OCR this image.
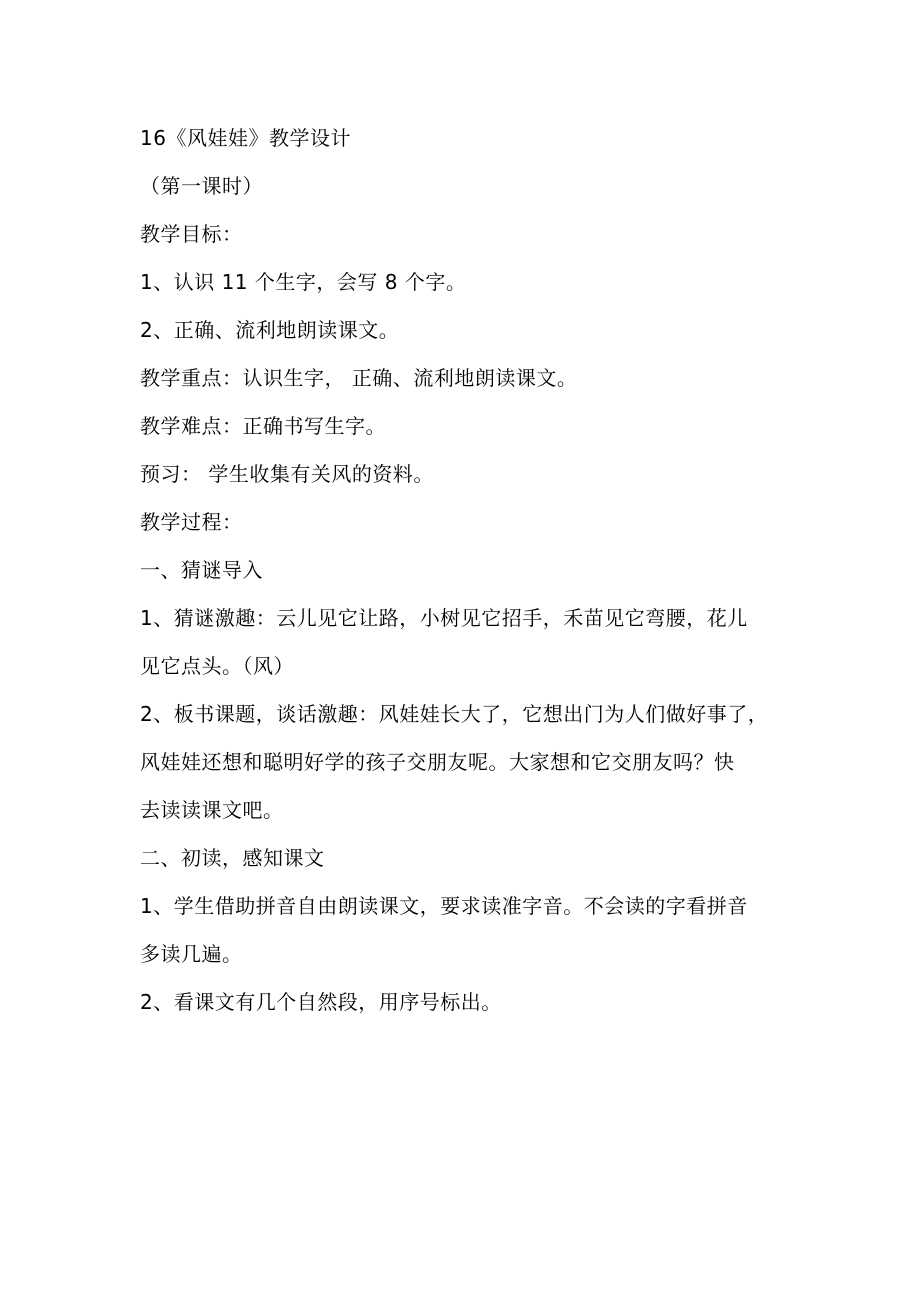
16《风娃娃》教学设计
（第一课时）
教学目标：
1、认识 11 个生字，会写 8 个字。
2、正确、流利地朗读课文。
教学重点：认识生字， 正确、流利地朗读课文。
教学难点：正确书写生字。
预习： 学生收集有关风的资料。
教学过程：
一、猜谜导入
1、猜谜激趣：云儿见它让路，小树见它招手，禾苗见它弯腰，花儿
见它点头。（风）
2、板书课题，谈话激趣：风娃娃长大了，它想出门为人们做好事了，
风娃娃还想和聪明好学的孩子交朋友呢。大家想和它交朋友吗？快
去读读课文吧。
二、初读，感知课文
1、学生借助拼音自由朗读课文，要求读准字音。不会读的字看拼音
多读几遍。
2、看课文有几个自然段，用序号标出。
